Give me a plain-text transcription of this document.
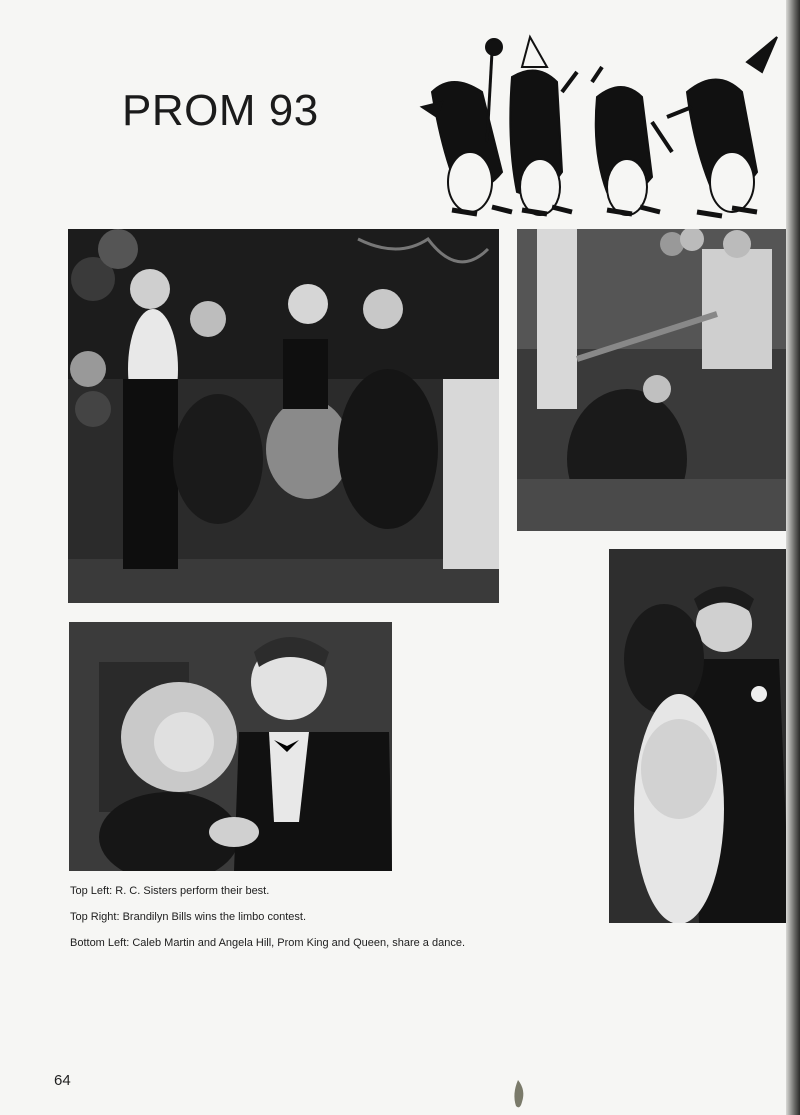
PROM 93

Top Left: R. C. Sisters perform their best.

Top Right: Brandilyn Bills wins the limbo contest.

Bottom Left: Caleb Martin and Angela Hill, Prom King and Queen, share a dance.

64
